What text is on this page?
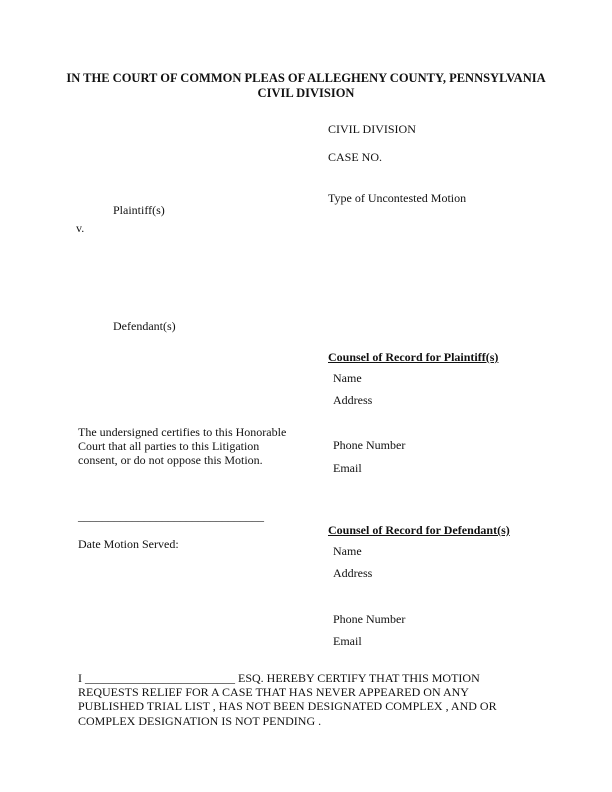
IN THE COURT OF COMMON PLEAS OF ALLEGHENY COUNTY, PENNSYLVANIA
CIVIL DIVISION
CIVIL DIVISION
CASE NO.
Type of Uncontested Motion
Plaintiff(s)
v.
Defendant(s)
Counsel of Record for Plaintiff(s)
Name
Address
Phone Number
Email
The undersigned certifies to this Honorable
Court that all parties to this Litigation
consent, or do not oppose this Motion.
_______________________________
Date Motion Served:
Counsel of Record for Defendant(s)
Name
Address
Phone Number
Email
I _________________________ ESQ. HEREBY CERTIFY THAT THIS MOTION
REQUESTS RELIEF FOR A CASE THAT HAS NEVER APPEARED ON ANY
PUBLISHED TRIAL LIST , HAS NOT BEEN DESIGNATED COMPLEX , AND OR
COMPLEX DESIGNATION IS NOT PENDING .
